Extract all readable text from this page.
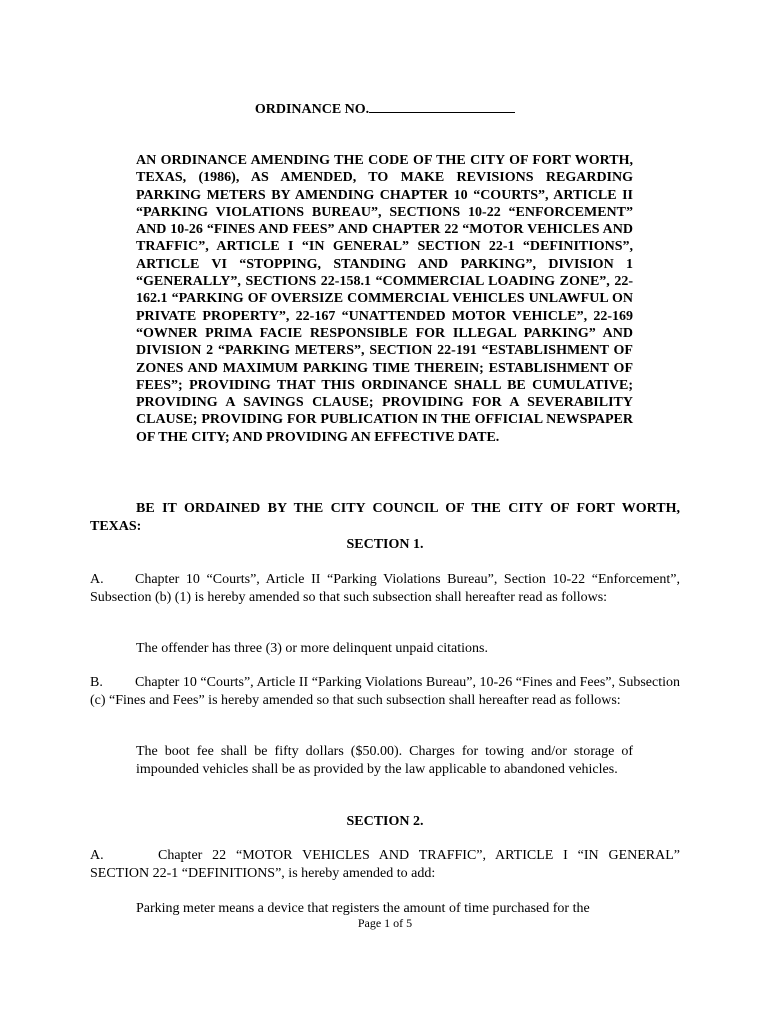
ORDINANCE NO.
AN ORDINANCE AMENDING THE CODE OF THE CITY OF FORT WORTH, TEXAS, (1986), AS AMENDED, TO MAKE REVISIONS REGARDING PARKING METERS BY AMENDING CHAPTER 10 “COURTS”, ARTICLE II “PARKING VIOLATIONS BUREAU”, SECTIONS 10-22 “ENFORCEMENT” AND 10-26 “FINES AND FEES” AND CHAPTER 22 “MOTOR VEHICLES AND TRAFFIC”, ARTICLE I “IN GENERAL” SECTION 22-1 “DEFINITIONS”, ARTICLE VI “STOPPING, STANDING AND PARKING”, DIVISION 1 “GENERALLY”, SECTIONS 22-158.1 “COMMERCIAL LOADING ZONE”, 22-162.1 “PARKING OF OVERSIZE COMMERCIAL VEHICLES UNLAWFUL ON PRIVATE PROPERTY”, 22-167 “UNATTENDED MOTOR VEHICLE”, 22-169 “OWNER PRIMA FACIE RESPONSIBLE FOR ILLEGAL PARKING” AND DIVISION 2 “PARKING METERS”, SECTION 22-191 “ESTABLISHMENT OF ZONES AND MAXIMUM PARKING TIME THEREIN; ESTABLISHMENT OF FEES”; PROVIDING THAT THIS ORDINANCE SHALL BE CUMULATIVE; PROVIDING A SAVINGS CLAUSE; PROVIDING FOR A SEVERABILITY CLAUSE; PROVIDING FOR PUBLICATION IN THE OFFICIAL NEWSPAPER OF THE CITY; AND PROVIDING AN EFFECTIVE DATE.
BE IT ORDAINED BY THE CITY COUNCIL OF THE CITY OF FORT WORTH, TEXAS:
SECTION 1.
A. Chapter 10 “Courts”, Article II “Parking Violations Bureau”, Section 10-22 “Enforcement”, Subsection (b) (1) is hereby amended so that such subsection shall hereafter read as follows:
The offender has three (3) or more delinquent unpaid citations.
B. Chapter 10 “Courts”, Article II “Parking Violations Bureau”, 10-26 “Fines and Fees”, Subsection (c) “Fines and Fees” is hereby amended so that such subsection shall hereafter read as follows:
The boot fee shall be fifty dollars ($50.00). Charges for towing and/or storage of impounded vehicles shall be as provided by the law applicable to abandoned vehicles.
SECTION 2.
A.	Chapter 22 “MOTOR VEHICLES AND TRAFFIC”, ARTICLE I “IN GENERAL” SECTION 22-1 “DEFINITIONS”, is hereby amended to add:
Parking meter means a device that registers the amount of time purchased for the
Page 1 of 5
